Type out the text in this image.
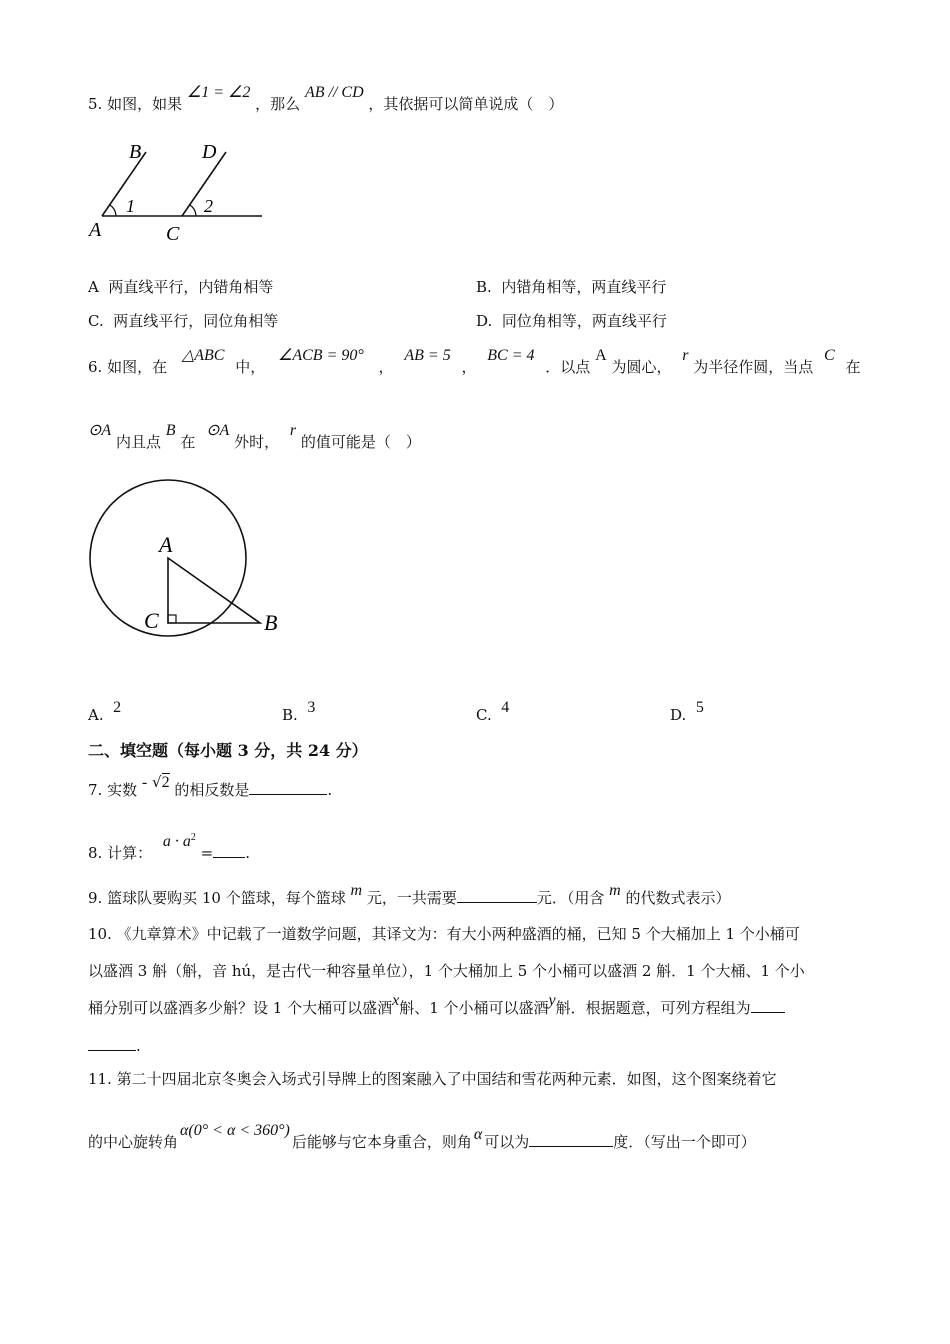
5. 如图，如果 ∠1 = ∠2 ，那么 AB // CD ，其依据可以简单说成（　）
B	D
A	C
1	2
A 两直线平行，内错角相等	B. 内错角相等，两直线平行
C. 两直线平行，同位角相等	D. 同位角相等，两直线平行
6. 如图，在 △ABC 中， ∠ACB = 90° ， AB = 5 ， BC = 4 ．以点 A 为圆心， r 为半径作圆，当点 C 在
⊙A 内且点 B 在 ⊙A 外时， r 的值可能是（　）
A
C	B
A. 2	B. 3	C. 4	D. 5
二、填空题（每小题 3 分，共 24 分）
7. 实数 - √2 的相反数是	.
8. 计算： $a \cdot a^2$ = .
9. 篮球队要购买 10 个篮球，每个篮球 m 元，一共需要	元．（用含 m 的代数式表示）
10. 《九章算术》中记载了一道数学问题，其译文为：有大小两种盛酒的桶，已知 5 个大桶加上 1 个小桶可
以盛酒 3 斛（斛，音 hú，是古代一种容量单位），1 个大桶加上 5 个小桶可以盛酒 2 斛．1 个大桶、1 个小
桶分别可以盛酒多少斛？设 1 个大桶可以盛酒x斛、1 个小桶可以盛酒y斛．根据题意，可列方程组为
.
11. 第二十四届北京冬奥会入场式引导牌上的图案融入了中国结和雪花两种元素．如图，这个图案绕着它
的中心旋转角α(0° < α < 360°)后能够与它本身重合，则角 α 可以为	度．（写出一个即可）
